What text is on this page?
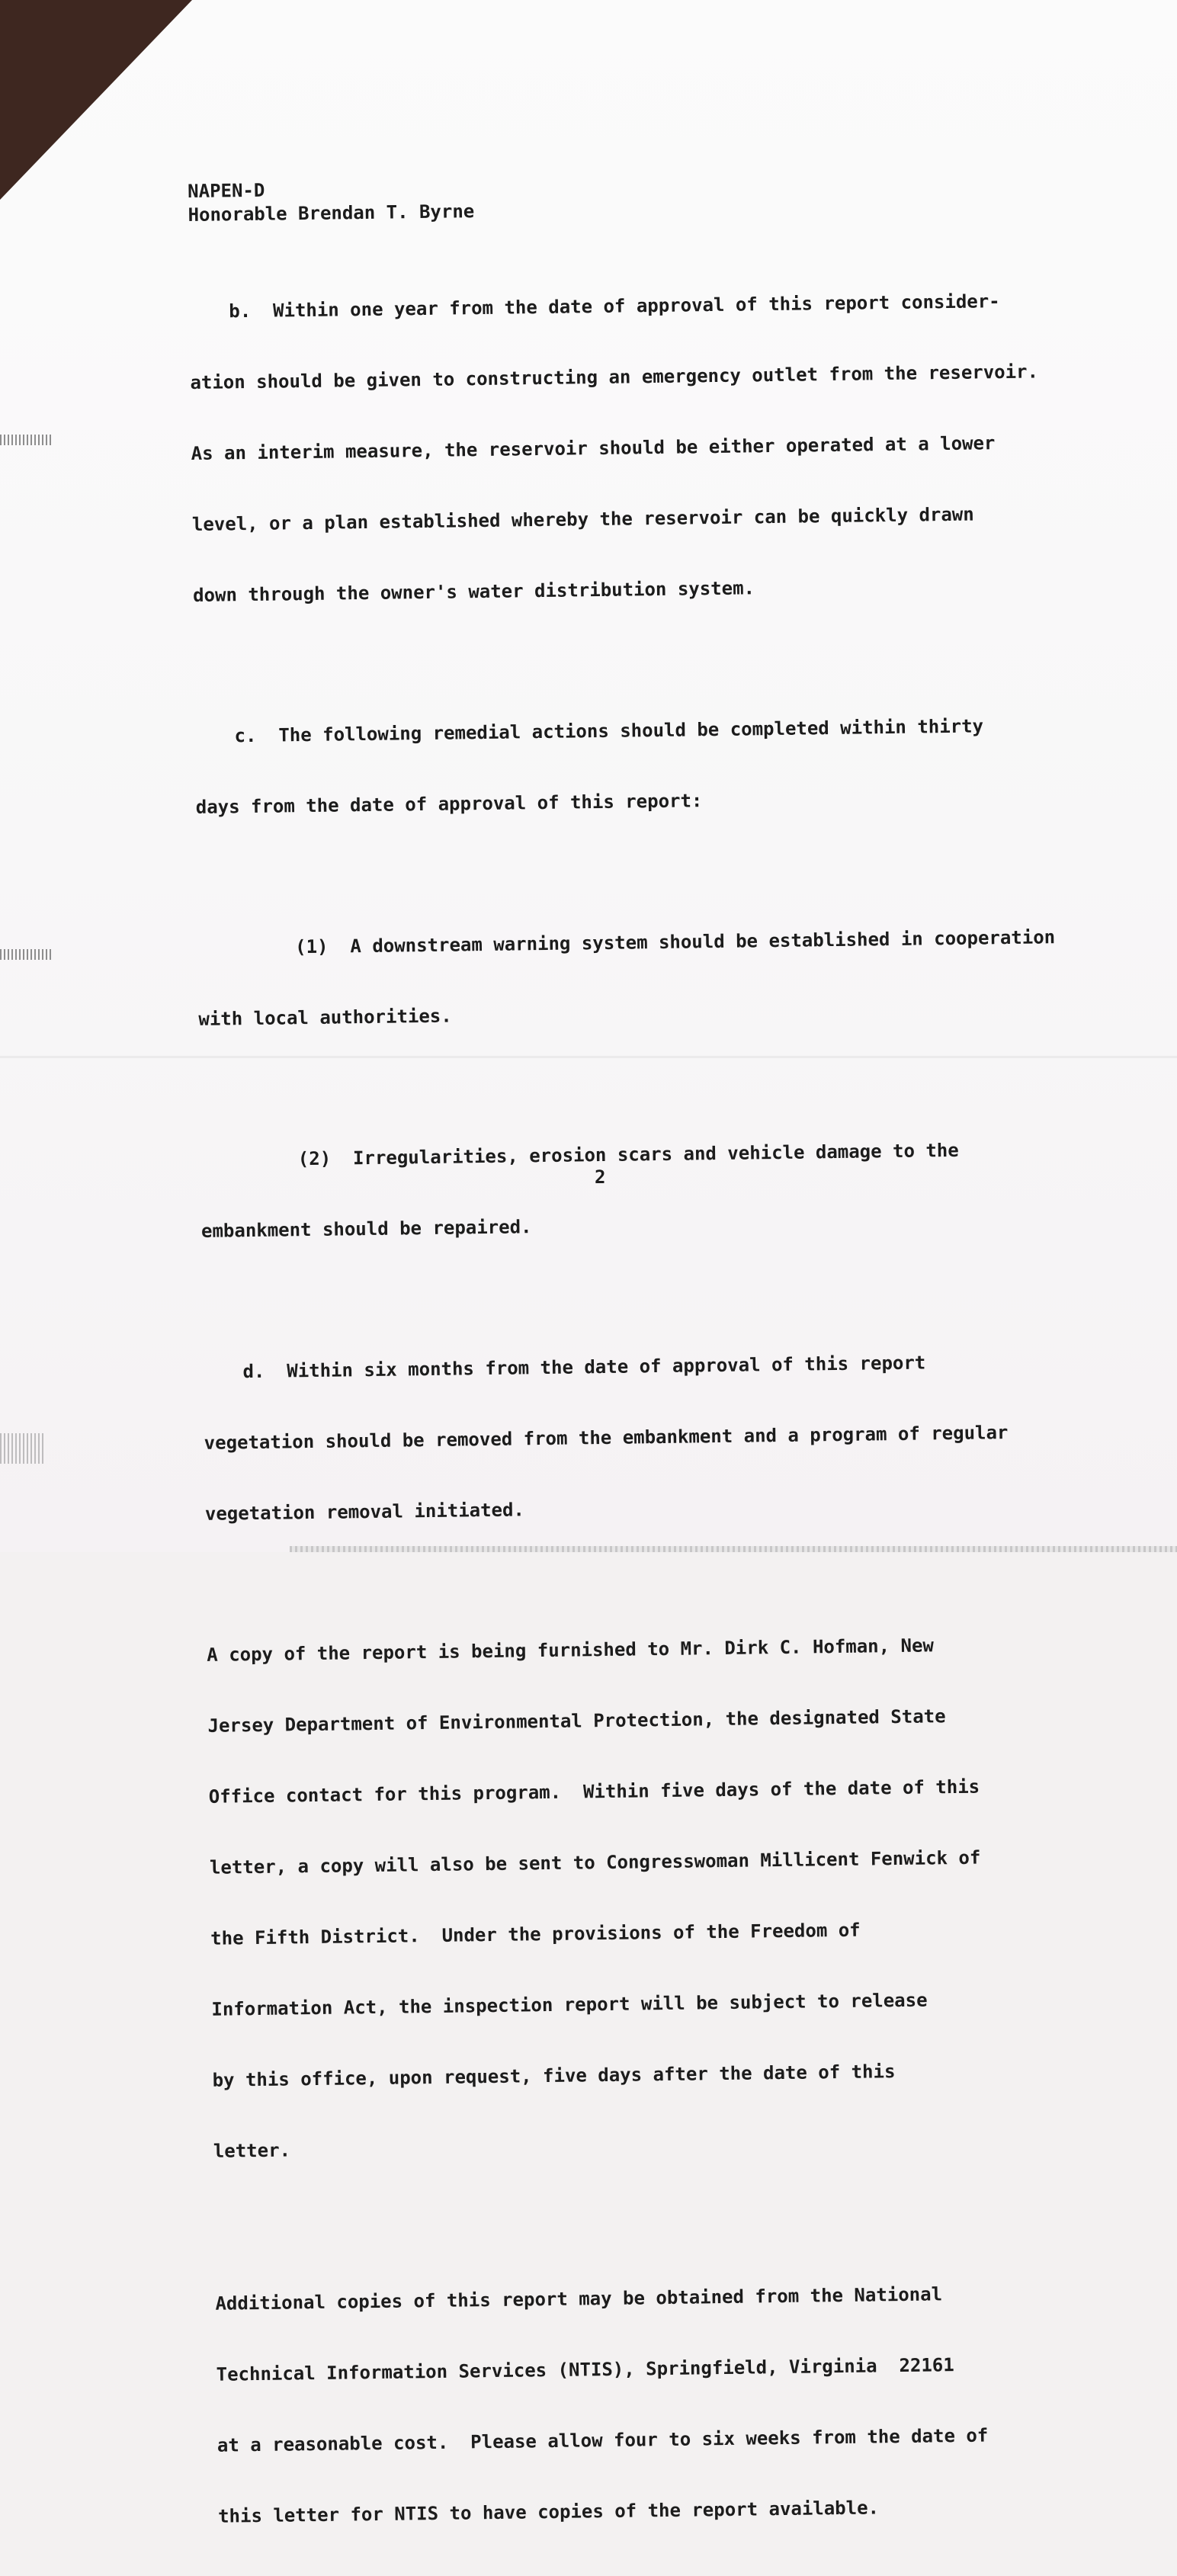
NAPEN-D
Honorable Brendan T. Byrne

b. Within one year from the date of approval of this report consider-

ation should be given to constructing an emergency outlet from the reservoir.

As an interim measure, the reservoir should be either operated at a lower

level, or a plan established whereby the reservoir can be quickly drawn

down through the owner's water distribution system.

c. The following remedial actions should be completed within thirty

days from the date of approval of this report:

(1) A downstream warning system should be established in cooperation

with local authorities.

(2) Irregularities, erosion scars and vehicle damage to the

embankment should be repaired.

d. Within six months from the date of approval of this report

vegetation should be removed from the embankment and a program of regular

vegetation removal initiated.

A copy of the report is being furnished to Mr. Dirk C. Hofman, New

Jersey Department of Environmental Protection, the designated State

Office contact for this program.  Within five days of the date of this

letter, a copy will also be sent to Congresswoman Millicent Fenwick of

the Fifth District.  Under the provisions of the Freedom of

Information Act, the inspection report will be subject to release

by this office, upon request, five days after the date of this

letter.

Additional copies of this report may be obtained from the National

Technical Information Services (NTIS), Springfield, Virginia  22161

at a reasonable cost.  Please allow four to six weeks from the date of

this letter for NTIS to have copies of the report available.

2
